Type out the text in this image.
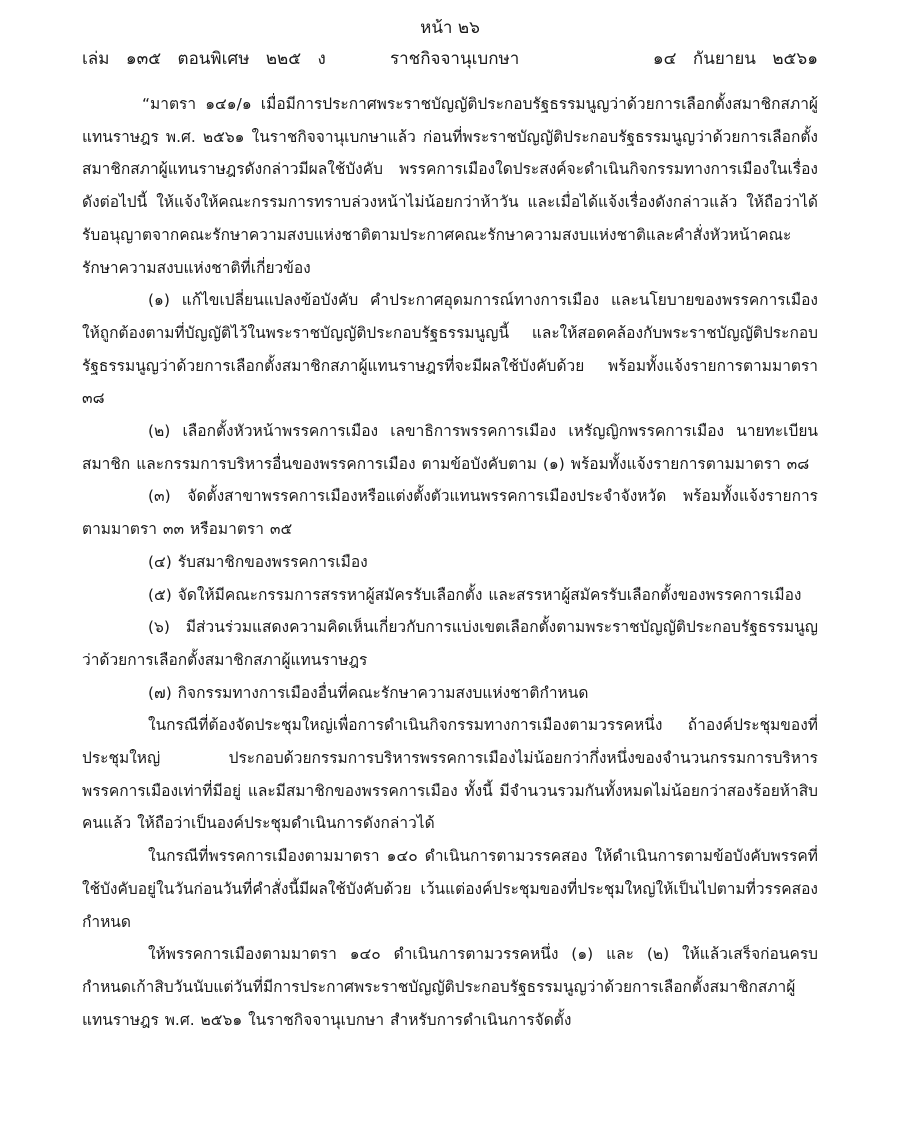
หน้า ๒๖
เล่ม ๑๓๕ ตอนพิเศษ ๒๒๕ ง	ราชกิจจานุเบกษา	๑๔ กันยายน ๒๕๖๑

“มาตรา ๑๔๑/๑ เมื่อมีการประกาศพระราชบัญญัติประกอบรัฐธรรมนูญว่าด้วยการเลือกตั้งสมาชิกสภาผู้แทนราษฎร พ.ศ. ๒๕๖๑ ในราชกิจจานุเบกษาแล้ว ก่อนที่พระราชบัญญัติประกอบรัฐธรรมนูญว่าด้วยการเลือกตั้งสมาชิกสภาผู้แทนราษฎรดังกล่าวมีผลใช้บังคับ พรรคการเมืองใดประสงค์จะดำเนินกิจกรรมทางการเมืองในเรื่องดังต่อไปนี้ ให้แจ้งให้คณะกรรมการทราบล่วงหน้าไม่น้อยกว่าห้าวัน และเมื่อได้แจ้งเรื่องดังกล่าวแล้ว ให้ถือว่าได้รับอนุญาตจากคณะรักษาความสงบแห่งชาติตามประกาศคณะรักษาความสงบแห่งชาติและคำสั่งหัวหน้าคณะรักษาความสงบแห่งชาติที่เกี่ยวข้อง

(๑) แก้ไขเปลี่ยนแปลงข้อบังคับ คำประกาศอุดมการณ์ทางการเมือง และนโยบายของพรรคการเมือง ให้ถูกต้องตามที่บัญญัติไว้ในพระราชบัญญัติประกอบรัฐธรรมนูญนี้ และให้สอดคล้องกับพระราชบัญญัติประกอบรัฐธรรมนูญว่าด้วยการเลือกตั้งสมาชิกสภาผู้แทนราษฎรที่จะมีผลใช้บังคับด้วย พร้อมทั้งแจ้งรายการตามมาตรา ๓๘

(๒) เลือกตั้งหัวหน้าพรรคการเมือง เลขาธิการพรรคการเมือง เหรัญญิกพรรคการเมือง นายทะเบียนสมาชิก และกรรมการบริหารอื่นของพรรคการเมือง ตามข้อบังคับตาม (๑) พร้อมทั้งแจ้งรายการตามมาตรา ๓๘

(๓) จัดตั้งสาขาพรรคการเมืองหรือแต่งตั้งตัวแทนพรรคการเมืองประจำจังหวัด พร้อมทั้งแจ้งรายการตามมาตรา ๓๓ หรือมาตรา ๓๕

(๔) รับสมาชิกของพรรคการเมือง

(๕) จัดให้มีคณะกรรมการสรรหาผู้สมัครรับเลือกตั้ง และสรรหาผู้สมัครรับเลือกตั้งของพรรคการเมือง

(๖) มีส่วนร่วมแสดงความคิดเห็นเกี่ยวกับการแบ่งเขตเลือกตั้งตามพระราชบัญญัติประกอบรัฐธรรมนูญว่าด้วยการเลือกตั้งสมาชิกสภาผู้แทนราษฎร

(๗) กิจกรรมทางการเมืองอื่นที่คณะรักษาความสงบแห่งชาติกำหนด

ในกรณีที่ต้องจัดประชุมใหญ่เพื่อการดำเนินกิจกรรมทางการเมืองตามวรรคหนึ่ง ถ้าองค์ประชุมของที่ประชุมใหญ่ ประกอบด้วยกรรมการบริหารพรรคการเมืองไม่น้อยกว่ากึ่งหนึ่งของจำนวนกรรมการบริหารพรรคการเมืองเท่าที่มีอยู่ และมีสมาชิกของพรรคการเมือง ทั้งนี้ มีจำนวนรวมกันทั้งหมดไม่น้อยกว่าสองร้อยห้าสิบคนแล้ว ให้ถือว่าเป็นองค์ประชุมดำเนินการดังกล่าวได้

ในกรณีที่พรรคการเมืองตามมาตรา ๑๔๐ ดำเนินการตามวรรคสอง ให้ดำเนินการตามข้อบังคับพรรคที่ใช้บังคับอยู่ในวันก่อนวันที่คำสั่งนี้มีผลใช้บังคับด้วย เว้นแต่องค์ประชุมของที่ประชุมใหญ่ให้เป็นไปตามที่วรรคสองกำหนด

ให้พรรคการเมืองตามมาตรา ๑๔๐ ดำเนินการตามวรรคหนึ่ง (๑) และ (๒) ให้แล้วเสร็จก่อนครบกำหนดเก้าสิบวันนับแต่วันที่มีการประกาศพระราชบัญญัติประกอบรัฐธรรมนูญว่าด้วยการเลือกตั้งสมาชิกสภาผู้แทนราษฎร พ.ศ. ๒๕๖๑ ในราชกิจจานุเบกษา สำหรับการดำเนินการจัดตั้ง
